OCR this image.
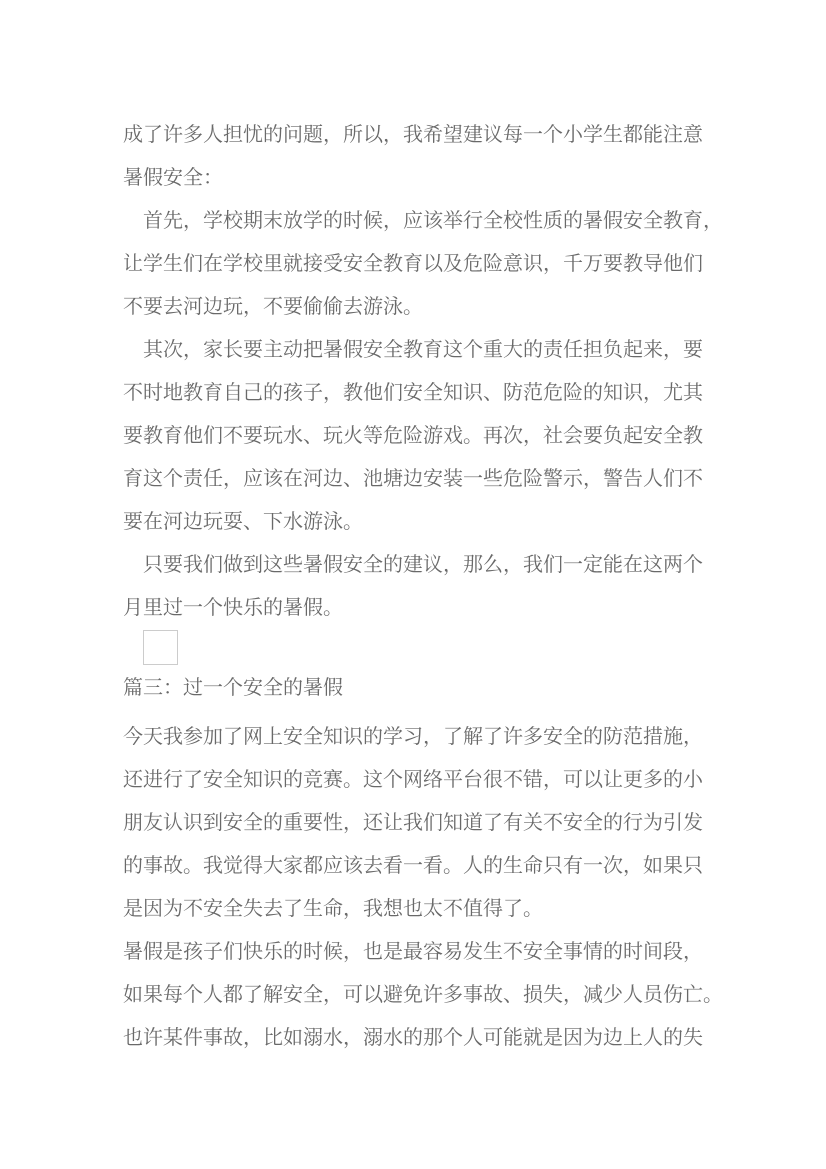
成了许多人担忧的问题，所以，我希望建议每一个小学生都能注意
暑假安全：
首先，学校期末放学的时候，应该举行全校性质的暑假安全教育，
让学生们在学校里就接受安全教育以及危险意识，千万要教导他们
不要去河边玩，不要偷偷去游泳。
其次，家长要主动把暑假安全教育这个重大的责任担负起来，要
不时地教育自己的孩子，教他们安全知识、防范危险的知识，尤其
要教育他们不要玩水、玩火等危险游戏。再次，社会要负起安全教
育这个责任，应该在河边、池塘边安装一些危险警示，警告人们不
要在河边玩耍、下水游泳。
只要我们做到这些暑假安全的建议，那么，我们一定能在这两个
月里过一个快乐的暑假。
篇三：过一个安全的暑假
今天我参加了网上安全知识的学习，了解了许多安全的防范措施，
还进行了安全知识的竞赛。这个网络平台很不错，可以让更多的小
朋友认识到安全的重要性，还让我们知道了有关不安全的行为引发
的事故。我觉得大家都应该去看一看。人的生命只有一次，如果只
是因为不安全失去了生命，我想也太不值得了。
暑假是孩子们快乐的时候，也是最容易发生不安全事情的时间段，
如果每个人都了解安全，可以避免许多事故、损失，减少人员伤亡。
也许某件事故，比如溺水，溺水的那个人可能就是因为边上人的失
